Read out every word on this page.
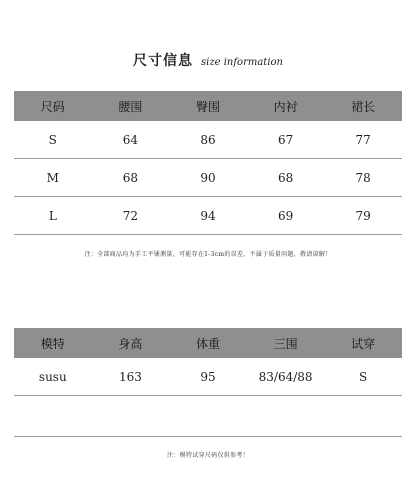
尺寸信息 size information
尺码	腰围	臀围	内衬	裙长
S	64	86	67	77
M	68	90	68	78
L	72	94	69	79
注：全部商品均为手工平铺测量，可能存在1-3cm的误差，不属于质量问题，敬请谅解！
模特	身高	体重	三围	试穿
susu	163	95	83/64/88	S
注：模特试穿尺码仅供参考！
